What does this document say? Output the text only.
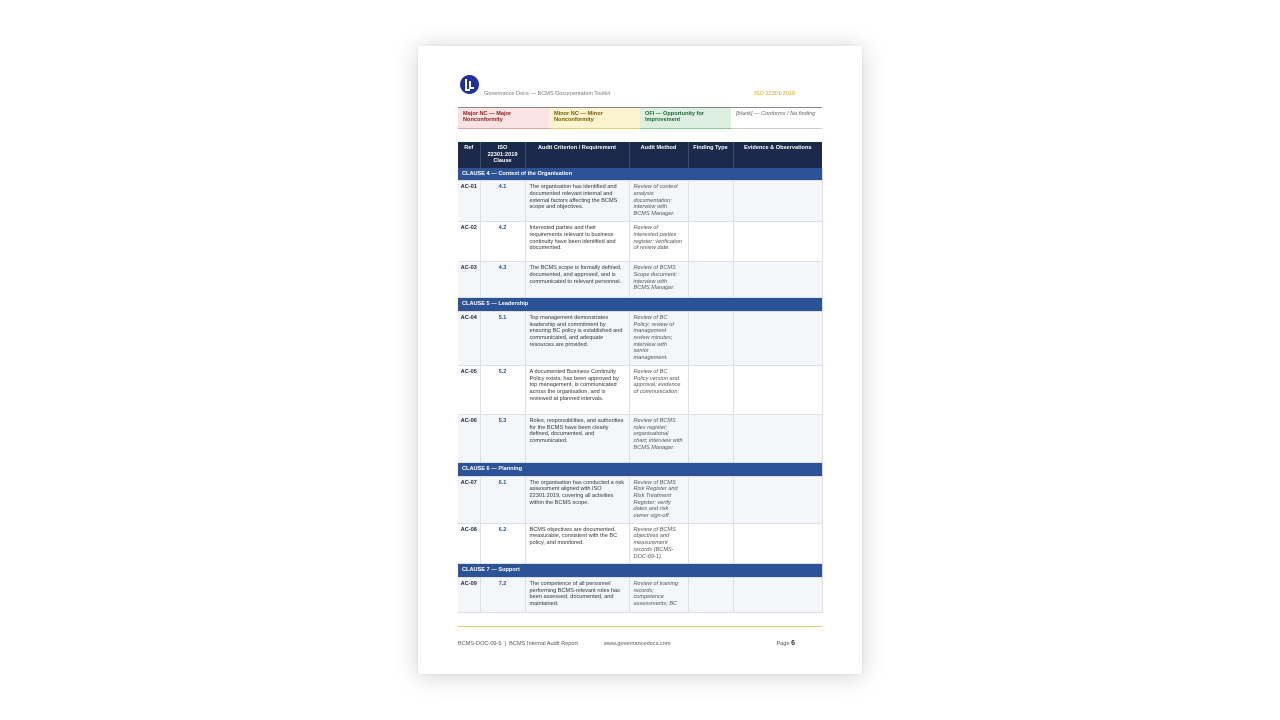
Governance Docs — BCMS Documentation Toolkit	ISO 22301:2019
Major NC — Major Nonconformity
Minor NC — Minor Nonconformity
OFI — Opportunity for Improvement
[blank] — Conforms / No finding
Ref	ISO 22301:2019 Clause	Audit Criterion / Requirement	Audit Method	Finding Type	Evidence & Observations
CLAUSE 4 — Context of the Organisation					
AC-01	4.1	The organisation has identified and documented relevant internal and external factors affecting the BCMS scope and objectives.	Review of context analysis documentation; interview with BCMS Manager.		
AC-02	4.2	Interested parties and their requirements relevant to business continuity have been identified and documented.	Review of interested parties register; verification of review date.		
AC-03	4.3	The BCMS scope is formally defined, documented, and approved, and is communicated to relevant personnel.	Review of BCMS Scope document; interview with BCMS Manager.		
CLAUSE 5 — Leadership					
AC-04	5.1	Top management demonstrates leadership and commitment by ensuring BC policy is established and communicated, and adequate resources are provided.	Review of BC Policy; review of management review minutes; interview with senior management.		
AC-05	5.2	A documented Business Continuity Policy exists, has been approved by top management, is communicated across the organisation, and is reviewed at planned intervals.	Review of BC Policy version and approval; evidence of communication.		
AC-06	5.3	Roles, responsibilities, and authorities for the BCMS have been clearly defined, documented, and communicated.	Review of BCMS roles register; organisational chart; interview with BCMS Manager.		
CLAUSE 6 — Planning					
AC-07	6.1	The organisation has conducted a risk assessment aligned with ISO 22301:2019, covering all activities within the BCMS scope.	Review of BCMS Risk Register and Risk Treatment Register; verify dates and risk owner sign-off.		
AC-08	6.2	BCMS objectives are documented, measurable, consistent with the BC policy, and monitored.	Review of BCMS objectives and measurement records (BCMS-DOC-09-1).		
CLAUSE 7 — Support					
AC-09	7.2	The competence of all personnel performing BCMS-relevant roles has been assessed, documented, and maintained.	Review of training records; competence assessments; BC		
BCMS-DOC-09-5  |  BCMS Internal Audit Report	www.governancedocs.com	Page 6
